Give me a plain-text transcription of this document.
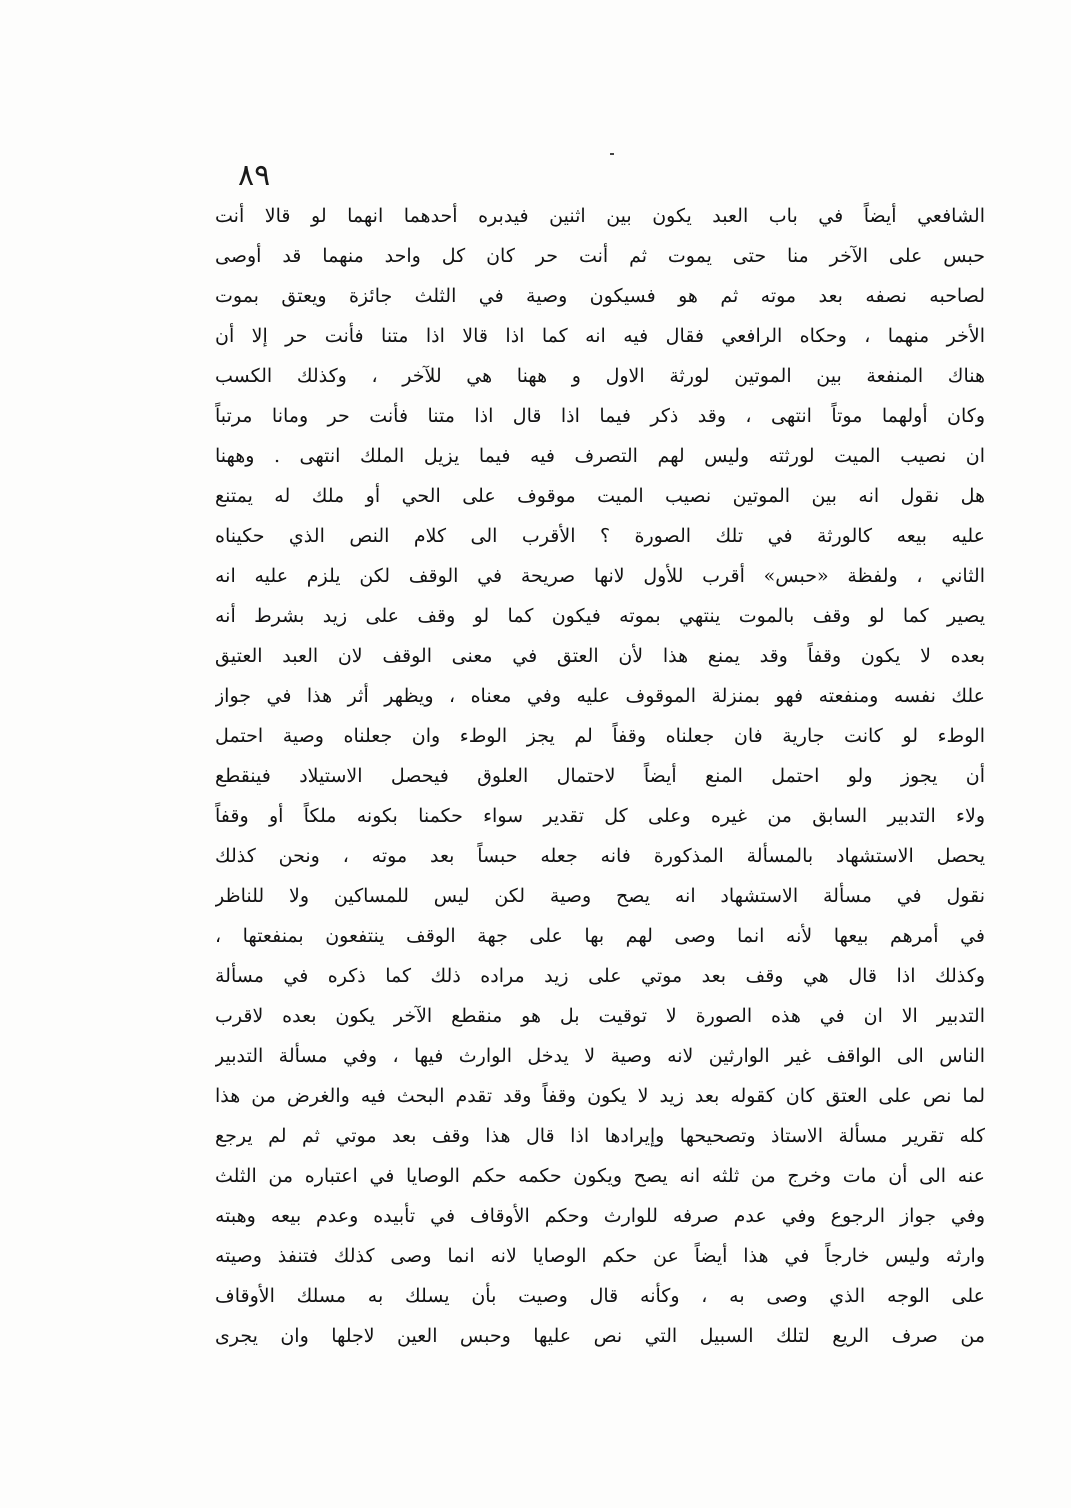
٨٩
الشافعي أيضاً في باب العبد يكون بين اثنين فيدبره أحدهما انهما لو قالا أنت
حبس على الآخر منا حتى يموت ثم أنت حر كان كل واحد منهما قد أوصى
لصاحبه نصفه بعد موته ثم هو فسيكون وصية في الثلث جائزة ويعتق بموت
الأخر منهما ، وحكاه الرافعي فقال فيه انه كما اذا قالا اذا متنا فأنت حر إلا أن
هناك المنفعة بين الموتين لورثة الاول و ههنا هي للآخر ، وكذلك الكسب
وكان أولهما موتاً انتهى ، وقد ذكر فيما اذا قال اذا متنا فأنت حر ومانا مرتباً
ان نصيب الميت لورثته وليس لهم التصرف فيه فيما يزيل الملك انتهى . وههنا
هل نقول انه بين الموتين نصيب الميت موقوف على الحي أو ملك له يمتنع
عليه بيعه كالورثة في تلك الصورة ؟ الأقرب الى كلام النص الذي حكيناه
الثاني ، ولفظة «حبس» أقرب للأول لانها صريحة في الوقف لكن يلزم عليه انه
يصير كما لو وقف بالموت ينتهي بموته فيكون كما لو وقف على زيد بشرط أنه
بعده لا يكون وقفاً وقد يمنع هذا لأن العتق في معنى الوقف لان العبد العتيق
علك نفسه ومنفعته فهو بمنزلة الموقوف عليه وفي معناه ، ويظهر أثر هذا في جواز
الوطء لو كانت جارية فان جعلناه وقفاً لم يجز الوطء وان جعلناه وصية احتمل
أن يجوز ولو احتمل المنع أيضاً لاحتمال العلوق فيحصل الاستيلاد فينقطع
ولاء التدبير السابق من غيره وعلى كل تقدير سواء حكمنا بكونه ملكاً أو وقفاً
يحصل الاستشهاد بالمسألة المذكورة فانه جعله حبساً بعد موته ، ونحن كذلك
نقول في مسألة الاستشهاد انه يصح وصية لكن ليس للمساكين ولا للناظر
في أمرهم بيعها لأنه انما وصى لهم بها على جهة الوقف ينتفعون بمنفعتها ،
وكذلك اذا قال هي وقف بعد موتي على زيد مراده ذلك كما ذكره في مسألة
التدبير الا ان في هذه الصورة لا توقيت بل هو منقطع الآخر يكون بعده لاقرب
الناس الى الواقف غير الوارثين لانه وصية لا يدخل الوارث فيها ، وفي مسألة التدبير
لما نص على العتق كان كقوله بعد زيد لا يكون وقفاً وقد تقدم البحث فيه والغرض من هذا
كله تقرير مسألة الاستاذ وتصحيحها وإيرادها اذا قال هذا وقف بعد موتي ثم لم يرجع
عنه الى أن مات وخرج من ثلثه انه يصح ويكون حكمه حكم الوصايا في اعتباره من الثلث
وفي جواز الرجوع وفي عدم صرفه للوارث وحكم الأوقاف في تأبيده وعدم بيعه وهبته
وارثه وليس خارجاً في هذا أيضاً عن حكم الوصايا لانه انما وصى كذلك فتنفذ وصيته
على الوجه الذي وصى به ، وكأنه قال وصيت بأن يسلك به مسلك الأوقاف
من صرف الريع لتلك السبيل التي نص عليها وحبس العين لاجلها وان يجرى
